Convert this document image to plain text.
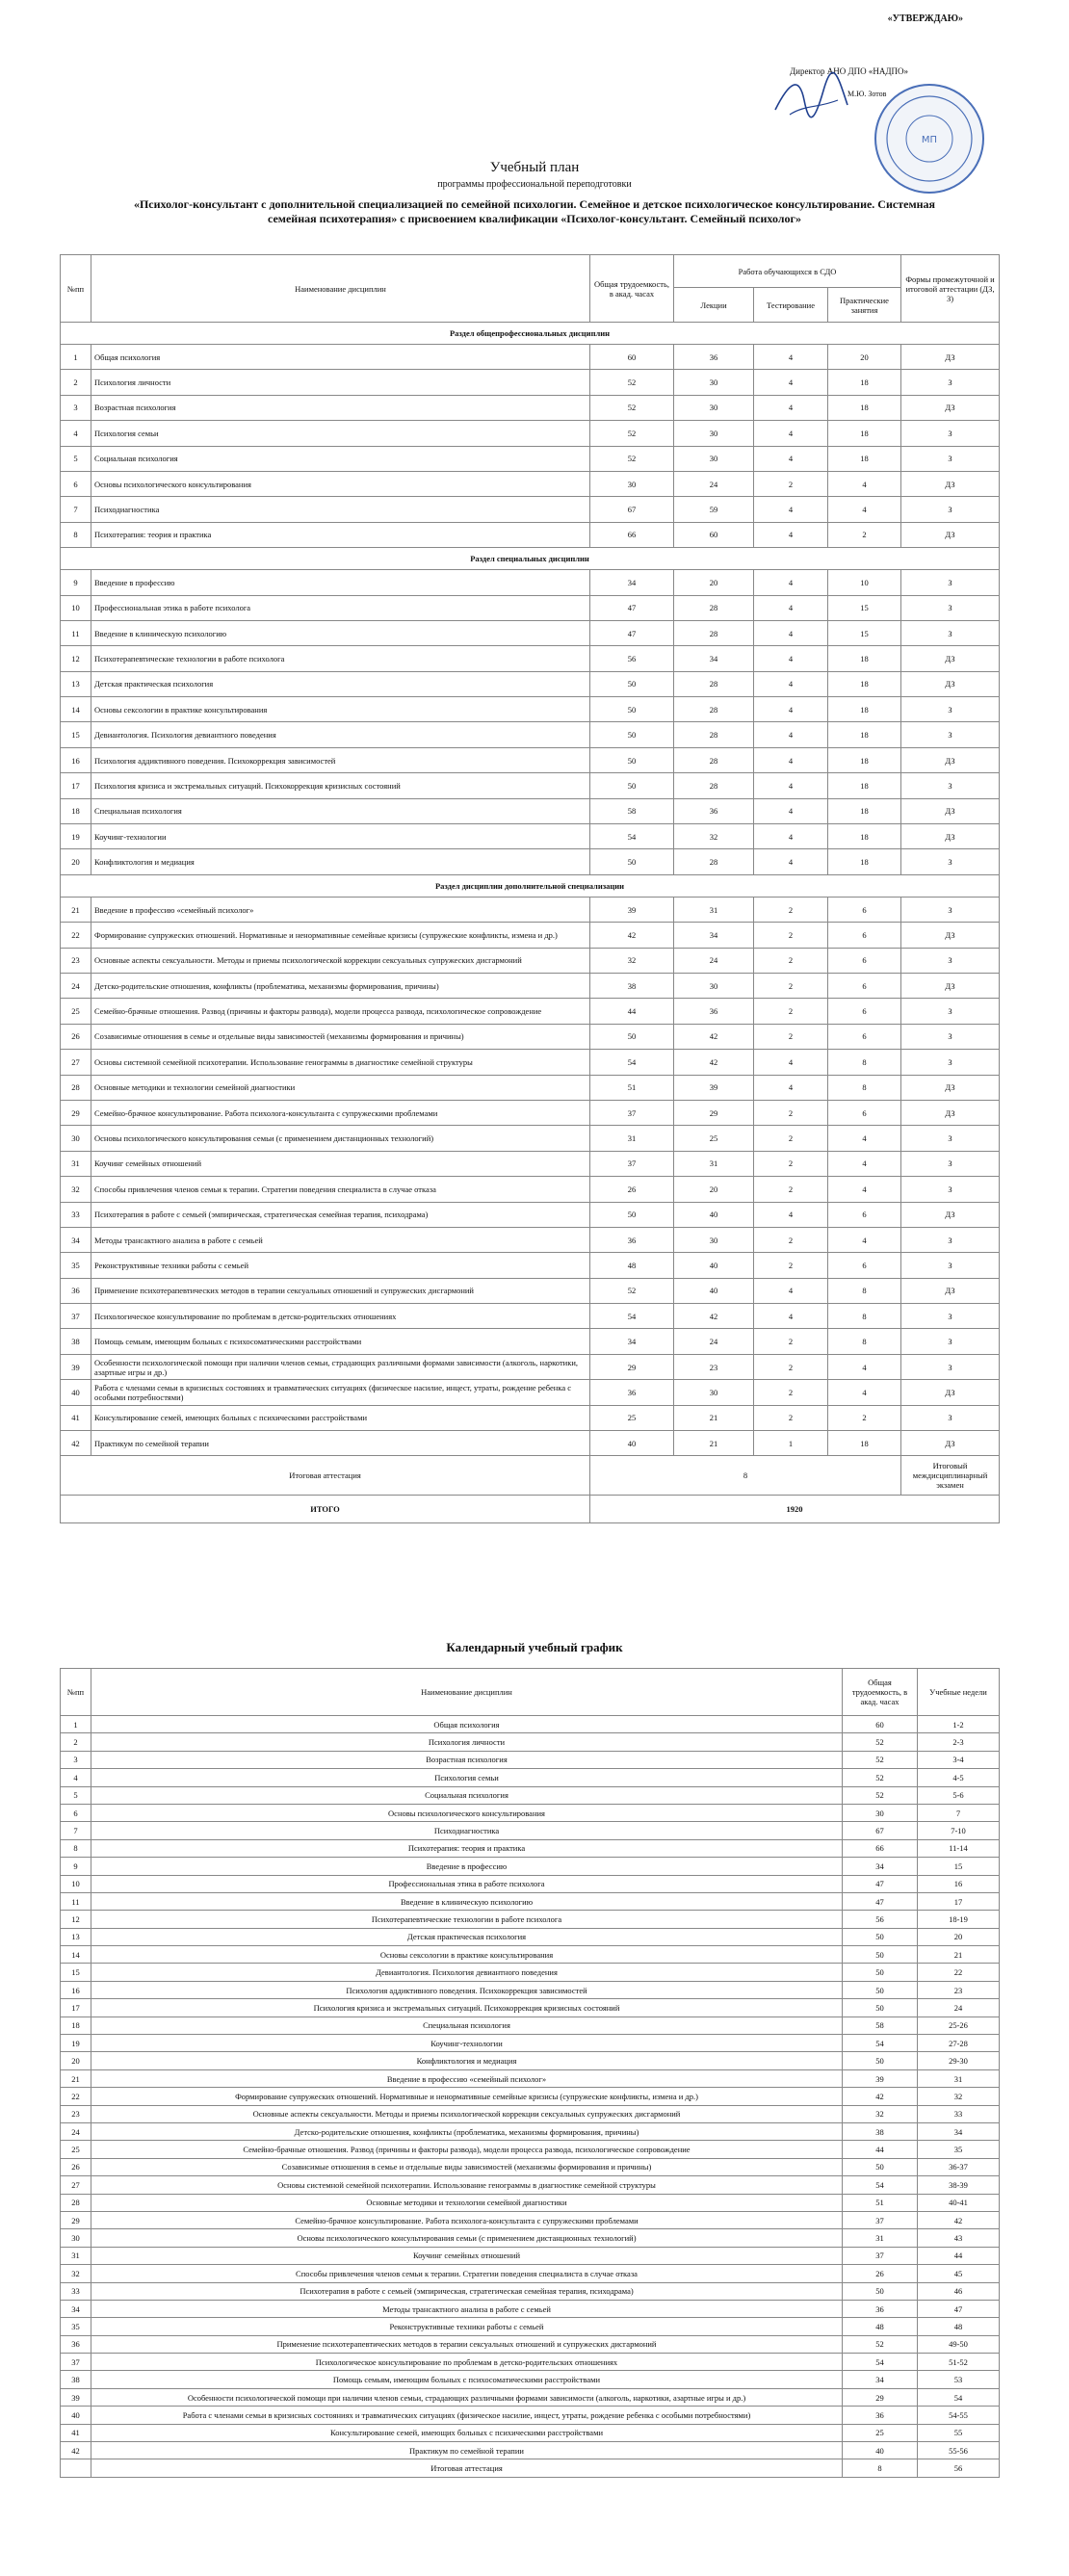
«УТВЕРЖДАЮ»
Директор АНО ДПО «НАДПО»
М.Ю. Зотов
МП
Учебный план
программы профессиональной переподготовки
«Психолог-консультант с дополнительной специализацией по семейной психологии. Семейное и детское психологическое консультирование. Системная семейная психотерапия» с присвоением квалификации «Психолог-консультант. Семейный психолог»
№пп	Наименование дисциплин	Общая трудоемкость, в акад. часах	Работа обучающихся в СДО			Формы промежуточной и итоговой аттестации (ДЗ, З)
			Лекции	Тестирование	Практические занятия	
Раздел общепрофессиональных дисциплин						
1	Общая психология	60	36	4	20	ДЗ
2	Психология личности	52	30	4	18	З
3	Возрастная психология	52	30	4	18	ДЗ
4	Психология семьи	52	30	4	18	З
5	Социальная психология	52	30	4	18	З
6	Основы психологического консультирования	30	24	2	4	ДЗ
7	Психодиагностика	67	59	4	4	З
8	Психотерапия: теория и практика	66	60	4	2	ДЗ
Раздел специальных дисциплин						
9	Введение в профессию	34	20	4	10	З
10	Профессиональная этика в работе психолога	47	28	4	15	З
11	Введение в клиническую психологию	47	28	4	15	З
12	Психотерапевтические технологии в работе психолога	56	34	4	18	ДЗ
13	Детская практическая психология	50	28	4	18	ДЗ
14	Основы сексологии в практике консультирования	50	28	4	18	З
15	Девиантология. Психология девиантного поведения	50	28	4	18	З
16	Психология аддиктивного поведения. Психокоррекция зависимостей	50	28	4	18	ДЗ
17	Психология кризиса и экстремальных ситуаций. Психокоррекция кризисных состояний	50	28	4	18	З
18	Специальная психология	58	36	4	18	ДЗ
19	Коучинг-технологии	54	32	4	18	ДЗ
20	Конфликтология и медиация	50	28	4	18	З
Раздел дисциплин дополнительной специализации						
21	Введение в профессию «семейный психолог»	39	31	2	6	З
22	Формирование супружеских отношений. Нормативные и ненормативные семейные кризисы (супружеские конфликты, измена и др.)	42	34	2	6	ДЗ
23	Основные аспекты сексуальности. Методы и приемы психологической коррекции сексуальных супружеских дисгармоний	32	24	2	6	З
24	Детско-родительские отношения, конфликты (проблематика, механизмы формирования, причины)	38	30	2	6	ДЗ
25	Семейно-брачные отношения. Развод (причины и факторы развода), модели процесса развода, психологическое сопровождение	44	36	2	6	З
26	Созависимые отношения в семье и отдельные виды зависимостей (механизмы формирования и причины)	50	42	2	6	З
27	Основы системной семейной психотерапии. Использование генограммы в диагностике семейной структуры	54	42	4	8	З
28	Основные методики и технологии семейной диагностики	51	39	4	8	ДЗ
29	Семейно-брачное консультирование. Работа психолога-консультанта с супружескими проблемами	37	29	2	6	ДЗ
30	Основы психологического консультирования семьи (с применением дистанционных технологий)	31	25	2	4	З
31	Коучинг семейных отношений	37	31	2	4	З
32	Способы привлечения членов семьи к терапии. Стратегии поведения специалиста в случае отказа	26	20	2	4	З
33	Психотерапия в работе с семьей (эмпирическая, стратегическая семейная терапия, психодрама)	50	40	4	6	ДЗ
34	Методы трансактного анализа в работе с семьей	36	30	2	4	З
35	Реконструктивные техники работы с семьей	48	40	2	6	З
36	Применение психотерапевтических методов в терапии сексуальных отношений и супружеских дисгармоний	52	40	4	8	ДЗ
37	Психологическое консультирование по проблемам в детско-родительских отношениях	54	42	4	8	З
38	Помощь семьям, имеющим больных с психосоматическими расстройствами	34	24	2	8	З
39	Особенности психологической помощи при наличии членов семьи, страдающих различными формами зависимости (алкоголь, наркотики, азартные игры и др.)	29	23	2	4	З
40	Работа с членами семьи в кризисных состояниях и травматических ситуациях (физическое насилие, инцест, утраты, рождение ребенка с особыми потребностями)	36	30	2	4	ДЗ
41	Консультирование семей, имеющих больных с психическими расстройствами	25	21	2	2	З
42	Практикум по семейной терапии	40	21	1	18	ДЗ
Итоговая аттестация		8				Итоговый междисциплинарный экзамен
ИТОГО		1920				
Календарный учебный график
№пп	Наименование дисциплин	Общая трудоемкость, в акад. часах	Учебные недели
1	Общая психология	60	1-2
2	Психология личности	52	2-3
3	Возрастная психология	52	3-4
4	Психология семьи	52	4-5
5	Социальная психология	52	5-6
6	Основы психологического консультирования	30	7
7	Психодиагностика	67	7-10
8	Психотерапия: теория и практика	66	11-14
9	Введение в профессию	34	15
10	Профессиональная этика в работе психолога	47	16
11	Введение в клиническую психологию	47	17
12	Психотерапевтические технологии в работе психолога	56	18-19
13	Детская практическая психология	50	20
14	Основы сексологии в практике консультирования	50	21
15	Девиантология. Психология девиантного поведения	50	22
16	Психология аддиктивного поведения. Психокоррекция зависимостей	50	23
17	Психология кризиса и экстремальных ситуаций. Психокоррекция кризисных состояний	50	24
18	Специальная психология	58	25-26
19	Коучинг-технологии	54	27-28
20	Конфликтология и медиация	50	29-30
21	Введение в профессию «семейный психолог»	39	31
22	Формирование супружеских отношений. Нормативные и ненормативные семейные кризисы (супружеские конфликты, измена и др.)	42	32
23	Основные аспекты сексуальности. Методы и приемы психологической коррекции сексуальных супружеских дисгармоний	32	33
24	Детско-родительские отношения, конфликты (проблематика, механизмы формирования, причины)	38	34
25	Семейно-брачные отношения. Развод (причины и факторы развода), модели процесса развода, психологическое сопровождение	44	35
26	Созависимые отношения в семье и отдельные виды зависимостей (механизмы формирования и причины)	50	36-37
27	Основы системной семейной психотерапии. Использование генограммы в диагностике семейной структуры	54	38-39
28	Основные методики и технологии семейной диагностики	51	40-41
29	Семейно-брачное консультирование. Работа психолога-консультанта с супружескими проблемами	37	42
30	Основы психологического консультирования семьи (с применением дистанционных технологий)	31	43
31	Коучинг семейных отношений	37	44
32	Способы привлечения членов семьи к терапии. Стратегии поведения специалиста в случае отказа	26	45
33	Психотерапия в работе с семьей (эмпирическая, стратегическая семейная терапия, психодрама)	50	46
34	Методы трансактного анализа в работе с семьей	36	47
35	Реконструктивные техники работы с семьей	48	48
36	Применение психотерапевтических методов в терапии сексуальных отношений и супружеских дисгармоний	52	49-50
37	Психологическое консультирование по проблемам в детско-родительских отношениях	54	51-52
38	Помощь семьям, имеющим больных с психосоматическими расстройствами	34	53
39	Особенности психологической помощи при наличии членов семьи, страдающих различными формами зависимости (алкоголь, наркотики, азартные игры и др.)	29	54
40	Работа с членами семьи в кризисных состояниях и травматических ситуациях (физическое насилие, инцест, утраты, рождение ребенка с особыми потребностями)	36	54-55
41	Консультирование семей, имеющих больных с психическими расстройствами	25	55
42	Практикум по семейной терапии	40	55-56
	Итоговая аттестация	8	56
